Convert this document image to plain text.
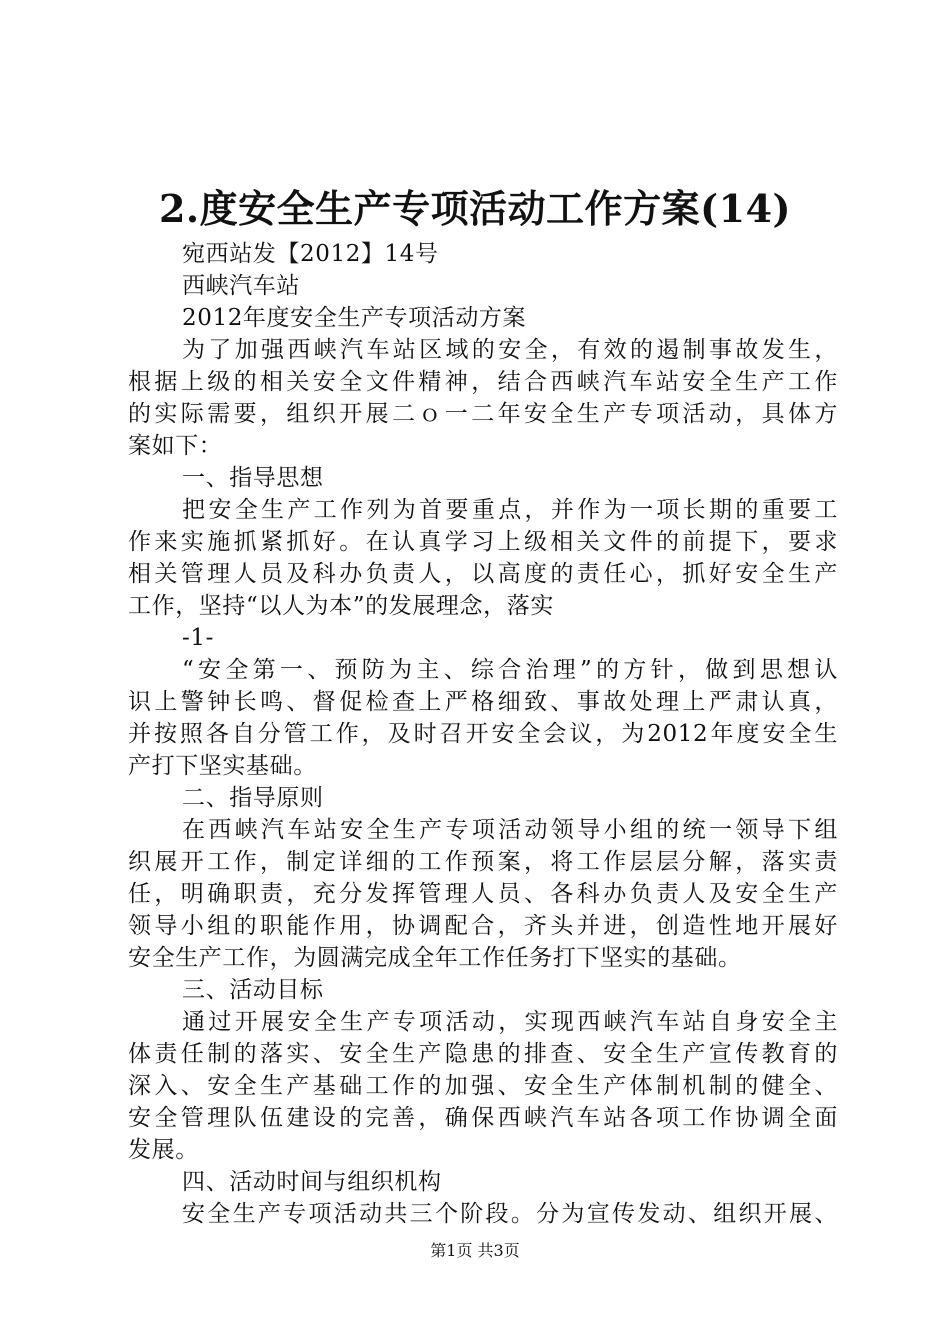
2.度安全生产专项活动工作方案(14)
宛西站发【2012】14号
西峡汽车站
2012年度安全生产专项活动方案
为了加强西峡汽车站区域的安全，有效的遏制事故发生，
根据上级的相关安全文件精神，结合西峡汽车站安全生产工作
的实际需要，组织开展二ｏ一二年安全生产专项活动，具体方
案如下：
一、指导思想
把安全生产工作列为首要重点，并作为一项长期的重要工
作来实施抓紧抓好。在认真学习上级相关文件的前提下，要求
相关管理人员及科办负责人，以高度的责任心，抓好安全生产
工作，坚持“以人为本”的发展理念，落实
-1-
“安全第一、预防为主、综合治理”的方针，做到思想认
识上警钟长鸣、督促检查上严格细致、事故处理上严肃认真，
并按照各自分管工作，及时召开安全会议，为2012年度安全生
产打下坚实基础。
二、指导原则
在西峡汽车站安全生产专项活动领导小组的统一领导下组
织展开工作，制定详细的工作预案，将工作层层分解，落实责
任，明确职责，充分发挥管理人员、各科办负责人及安全生产
领导小组的职能作用，协调配合，齐头并进，创造性地开展好
安全生产工作，为圆满完成全年工作任务打下坚实的基础。
三、活动目标
通过开展安全生产专项活动，实现西峡汽车站自身安全主
体责任制的落实、安全生产隐患的排查、安全生产宣传教育的
深入、安全生产基础工作的加强、安全生产体制机制的健全、
安全管理队伍建设的完善，确保西峡汽车站各项工作协调全面
发展。
四、活动时间与组织机构
安全生产专项活动共三个阶段。分为宣传发动、组织开展、
第1页 共3页
